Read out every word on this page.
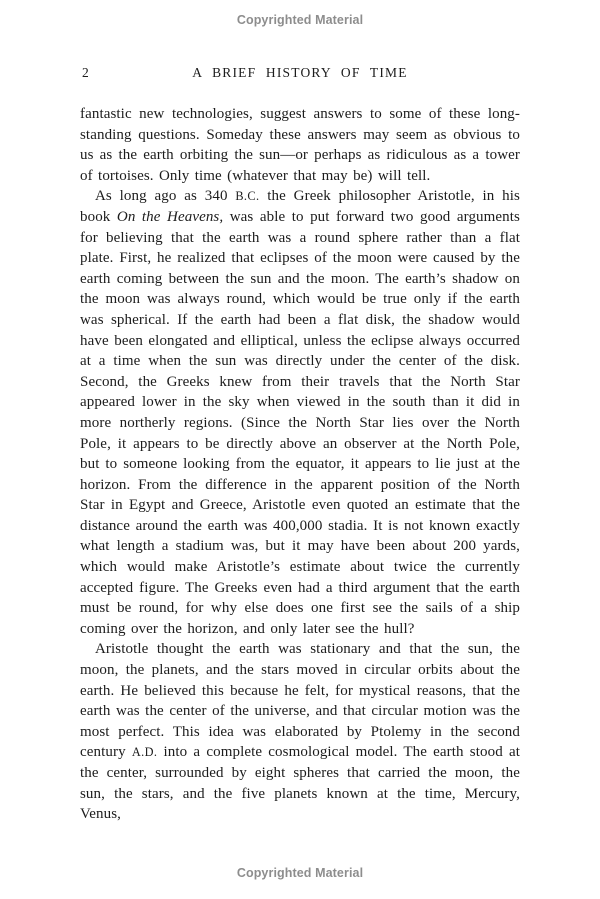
Copyrighted Material
2	A BRIEF HISTORY OF TIME

fantastic new technologies, suggest answers to some of these long-standing questions. Someday these answers may seem as obvious to us as the earth orbiting the sun—or perhaps as ridiculous as a tower of tortoises. Only time (whatever that may be) will tell.

As long ago as 340 B.C. the Greek philosopher Aristotle, in his book On the Heavens, was able to put forward two good arguments for believing that the earth was a round sphere rather than a flat plate. First, he realized that eclipses of the moon were caused by the earth coming between the sun and the moon. The earth’s shadow on the moon was always round, which would be true only if the earth was spherical. If the earth had been a flat disk, the shadow would have been elongated and elliptical, unless the eclipse always occurred at a time when the sun was directly under the center of the disk. Second, the Greeks knew from their travels that the North Star appeared lower in the sky when viewed in the south than it did in more northerly regions. (Since the North Star lies over the North Pole, it appears to be directly above an observer at the North Pole, but to someone looking from the equator, it appears to lie just at the horizon. From the difference in the apparent position of the North Star in Egypt and Greece, Aristotle even quoted an estimate that the distance around the earth was 400,000 stadia. It is not known exactly what length a stadium was, but it may have been about 200 yards, which would make Aristotle’s estimate about twice the currently accepted figure. The Greeks even had a third argument that the earth must be round, for why else does one first see the sails of a ship coming over the horizon, and only later see the hull?

Aristotle thought the earth was stationary and that the sun, the moon, the planets, and the stars moved in circular orbits about the earth. He believed this because he felt, for mystical reasons, that the earth was the center of the universe, and that circular motion was the most perfect. This idea was elaborated by Ptolemy in the second century A.D. into a complete cosmological model. The earth stood at the center, surrounded by eight spheres that carried the moon, the sun, the stars, and the five planets known at the time, Mercury, Venus,

Copyrighted Material
